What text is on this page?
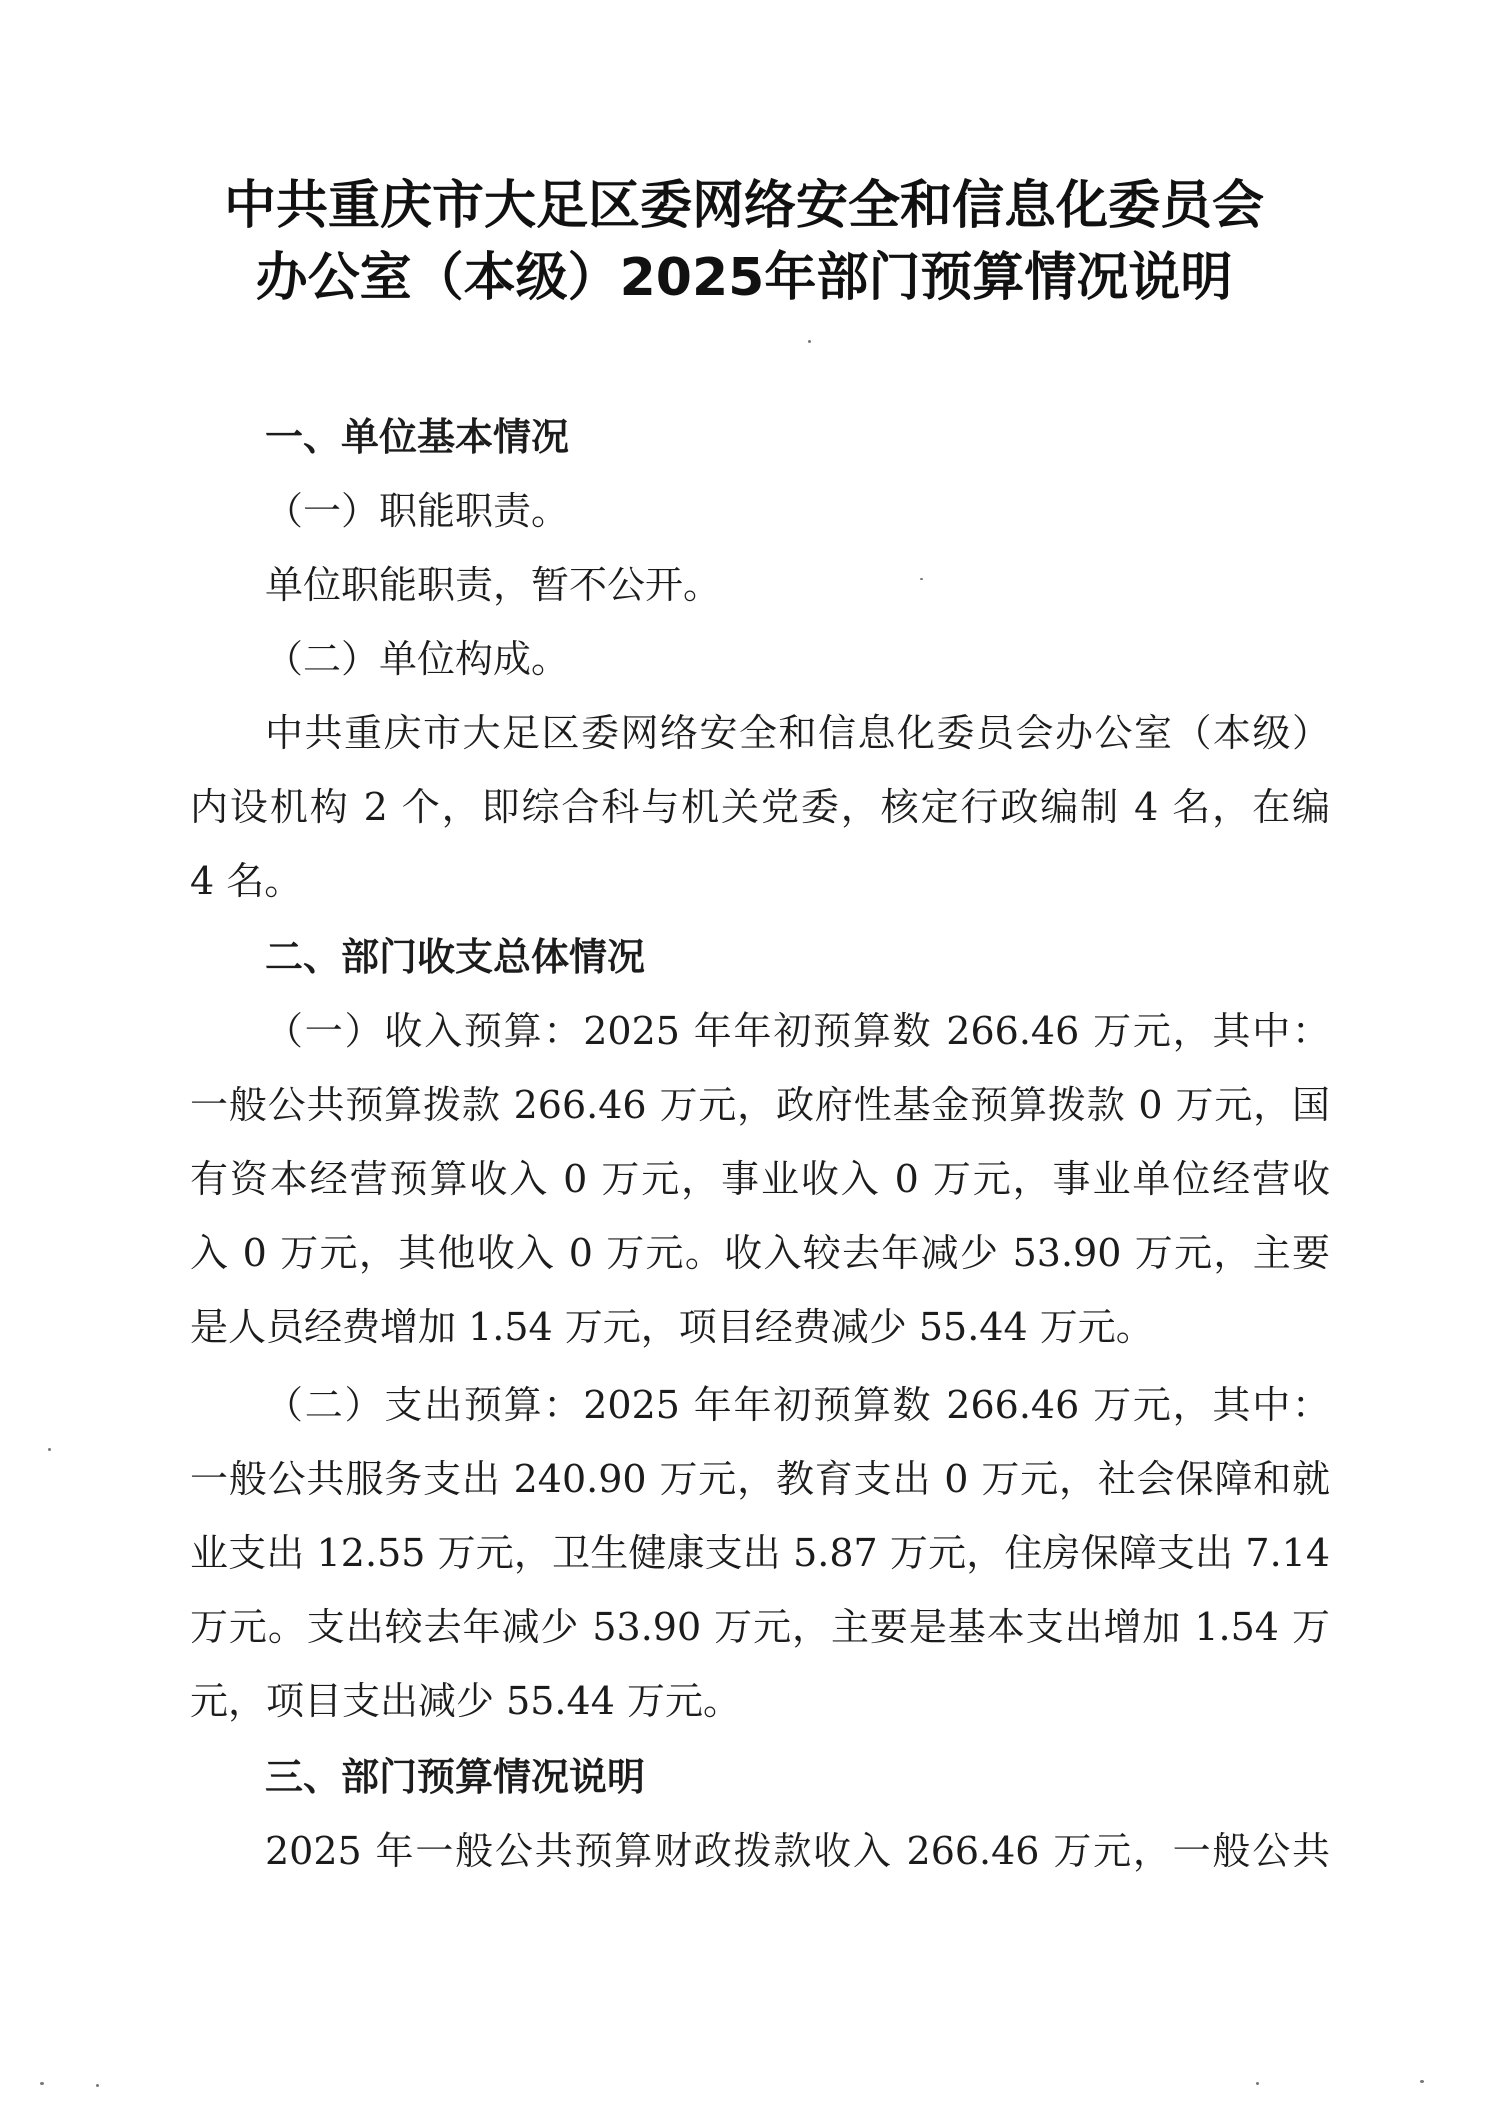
中共重庆市大足区委网络安全和信息化委员会
办公室（本级）2025年部门预算情况说明

一、单位基本情况

（一）职能职责。

单位职能职责，暂不公开。

（二）单位构成。

中共重庆市大足区委网络安全和信息化委员会办公室（本级）

内设机构 2 个，即综合科与机关党委，核定行政编制 4 名，在编

4 名。

二、部门收支总体情况

（一）收入预算：2025 年年初预算数 266.46 万元，其中：

一般公共预算拨款 266.46 万元，政府性基金预算拨款 0 万元，国

有资本经营预算收入 0 万元，事业收入 0 万元，事业单位经营收

入 0 万元，其他收入 0 万元。收入较去年减少 53.90 万元，主要

是人员经费增加 1.54 万元，项目经费减少 55.44 万元。

（二）支出预算：2025 年年初预算数 266.46 万元，其中：

一般公共服务支出 240.90 万元，教育支出 0 万元，社会保障和就

业支出 12.55 万元，卫生健康支出 5.87 万元，住房保障支出 7.14

万元。支出较去年减少 53.90 万元，主要是基本支出增加 1.54 万

元，项目支出减少 55.44 万元。

三、部门预算情况说明

2025 年一般公共预算财政拨款收入 266.46 万元，一般公共
